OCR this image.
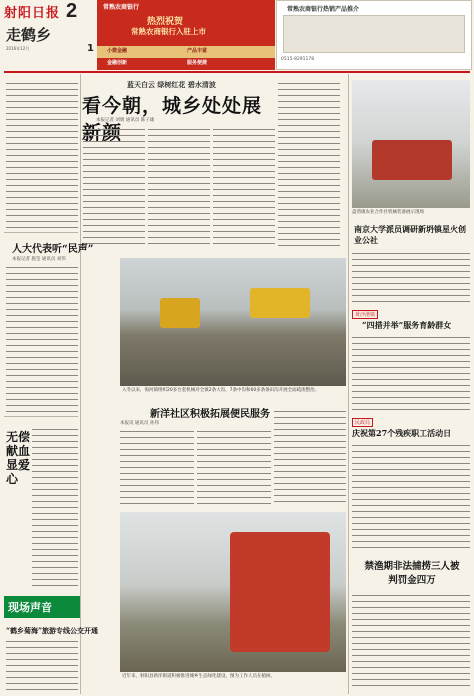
射阳日报 2
走鹤乡
2016年12月	1
常熟农商银行
热烈祝贺
常熟农商银行入驻上市
小微金融	产品丰富
金融创新	服务便捷
常熟农商银行热销产品推介
0515-8291178
蓝天白云 绿树红花 碧水清波
看今朝，城乡处处展
本报记者 刘婧 通讯员 陈子雄
人大代表听“民声”
本报记者 施莹 通讯员 刘伟
无偿献血显爱心
现场声音
“鹤乡菊海”旅游专线公交开通
入冬以来，海河镇组织20多台套机械对全镇2条大沟、7条中沟和60多条条田沟开展全面疏浚整治。
新洋社区积极拓展便民服务
本报讯 通讯员 孙伟
近年来，射阳县新洋街道积极推进城乡生态绿化建设，图为工作人员在植树。
盘湾镇农业合作社机械装备展示现场
南京大学派员调研新坍镇星火创业公社
黄沙港镇
“四措并举”服务育龄群女
民政局
庆祝第27个残疾职工活动日
禁渔期非法捕捞三人被判罚金四万
